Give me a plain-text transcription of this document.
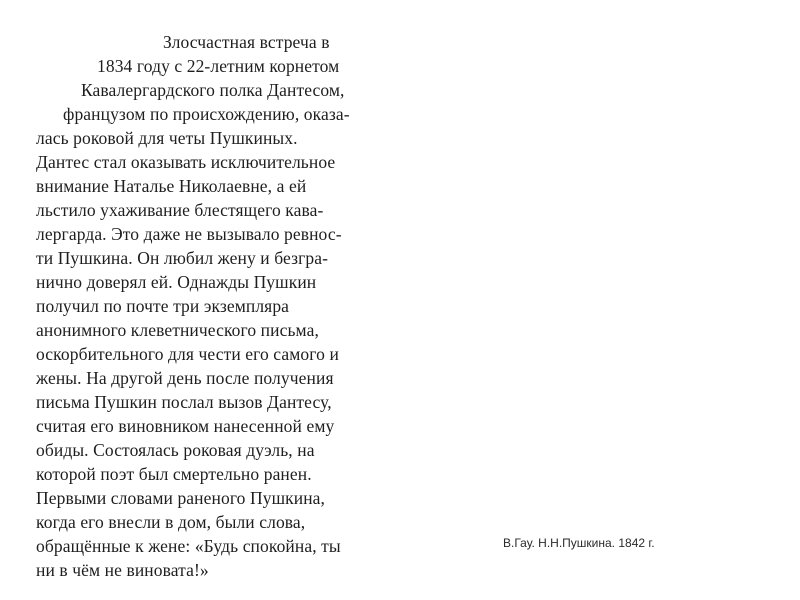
Злосчастная встреча в
1834 году с 22-летним корнетом
Кавалергардского полка Дантесом,
французом по происхождению, оказа-
лась роковой для четы Пушкиных.
Дантес стал оказывать исключительное
внимание Наталье Николаевне, а ей
льстило ухаживание блестящего кава-
лергарда. Это даже не вызывало ревнос-
ти Пушкина. Он любил жену и безгра-
нично доверял ей. Однажды Пушкин
получил по почте три экземпляра
анонимного клеветнического письма,
оскорбительного для чести его самого и
жены. На другой день после получения
письма Пушкин послал вызов Дантесу,
считая его виновником нанесенной ему
обиды. Состоялась роковая дуэль, на
которой поэт был смертельно ранен.
Первыми словами раненого Пушкина,
когда его внесли в дом, были слова,
обращённые к жене: «Будь спокойна, ты
ни в чём не виновата!»
В.Гау. Н.Н.Пушкина. 1842 г.
